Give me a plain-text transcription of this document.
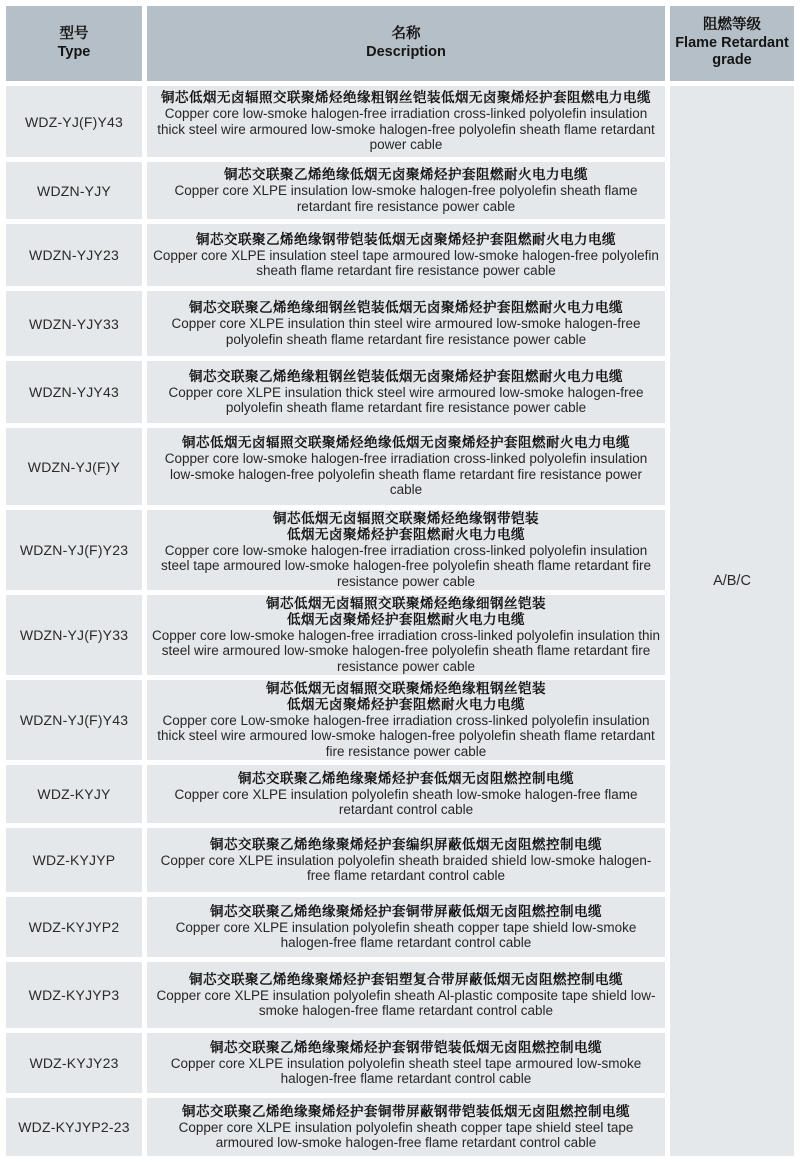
型号
Type
名称
Description
阻燃等级
Flame Retardant grade
A/B/C
WDZ-YJ(F)Y43
铜芯低烟无卤辐照交联聚烯烃绝缘粗钢丝铠装低烟无卤聚烯烃护套阻燃电力电缆
Copper core low-smoke halogen-free irradiation cross-linked polyolefin insulation thick steel wire armoured low-smoke halogen-free polyolefin sheath flame retardant power cable
WDZN-YJY
铜芯交联聚乙烯绝缘低烟无卤聚烯烃护套阻燃耐火电力电缆
Copper core XLPE insulation low-smoke halogen-free polyolefin sheath flame retardant fire resistance power cable
WDZN-YJY23
铜芯交联聚乙烯绝缘钢带铠装低烟无卤聚烯烃护套阻燃耐火电力电缆
Copper core XLPE insulation steel tape armoured low-smoke halogen-free polyolefin sheath flame retardant fire resistance power cable
WDZN-YJY33
铜芯交联聚乙烯绝缘细钢丝铠装低烟无卤聚烯烃护套阻燃耐火电力电缆
Copper core XLPE insulation thin steel wire armoured low-smoke halogen-free polyolefin sheath flame retardant fire resistance power cable
WDZN-YJY43
铜芯交联聚乙烯绝缘粗钢丝铠装低烟无卤聚烯烃护套阻燃耐火电力电缆
Copper core XLPE insulation thick steel wire armoured low-smoke halogen-free polyolefin sheath flame retardant fire resistance power cable
WDZN-YJ(F)Y
铜芯低烟无卤辐照交联聚烯烃绝缘低烟无卤聚烯烃护套阻燃耐火电力电缆
Copper core low-smoke halogen-free irradiation cross-linked polyolefin insulation low-smoke halogen-free polyolefin sheath flame retardant fire resistance power cable
WDZN-YJ(F)Y23
铜芯低烟无卤辐照交联聚烯烃绝缘钢带铠装
低烟无卤聚烯烃护套阻燃耐火电力电缆
Copper core low-smoke halogen-free irradiation cross-linked polyolefin insulation steel tape armoured low-smoke halogen-free polyolefin sheath flame retardant fire resistance power cable
WDZN-YJ(F)Y33
铜芯低烟无卤辐照交联聚烯烃绝缘细钢丝铠装
低烟无卤聚烯烃护套阻燃耐火电力电缆
Copper core low-smoke halogen-free irradiation cross-linked polyolefin insulation thin steel wire armoured low-smoke halogen-free polyolefin sheath flame retardant fire resistance power cable
WDZN-YJ(F)Y43
铜芯低烟无卤辐照交联聚烯烃绝缘粗钢丝铠装
低烟无卤聚烯烃护套阻燃耐火电力电缆
Copper core Low-smoke halogen-free irradiation cross-linked polyolefin insulation thick steel wire armoured low-smoke halogen-free polyolefin sheath flame retardant fire resistance power cable
WDZ-KYJY
铜芯交联聚乙烯绝缘聚烯烃护套低烟无卤阻燃控制电缆
Copper core XLPE insulation polyolefin sheath low-smoke halogen-free flame retardant control cable
WDZ-KYJYP
铜芯交联聚乙烯绝缘聚烯烃护套编织屏蔽低烟无卤阻燃控制电缆
Copper core XLPE insulation polyolefin sheath braided shield low-smoke halogen-free flame retardant control cable
WDZ-KYJYP2
铜芯交联聚乙烯绝缘聚烯烃护套铜带屏蔽低烟无卤阻燃控制电缆
Copper core XLPE insulation polyolefin sheath copper tape shield low-smoke halogen-free flame retardant control cable
WDZ-KYJYP3
铜芯交联聚乙烯绝缘聚烯烃护套铝塑复合带屏蔽低烟无卤阻燃控制电缆
Copper core XLPE insulation polyolefin sheath Al-plastic composite tape shield low-smoke halogen-free flame retardant control cable
WDZ-KYJY23
铜芯交联聚乙烯绝缘聚烯烃护套钢带铠装低烟无卤阻燃控制电缆
Copper core XLPE insulation polyolefin sheath steel tape armoured low-smoke halogen-free flame retardant control cable
WDZ-KYJYP2-23
铜芯交联聚乙烯绝缘聚烯烃护套铜带屏蔽钢带铠装低烟无卤阻燃控制电缆
Copper core XLPE insulation polyolefin sheath copper tape shield steel tape armoured low-smoke halogen-free flame retardant control cable
